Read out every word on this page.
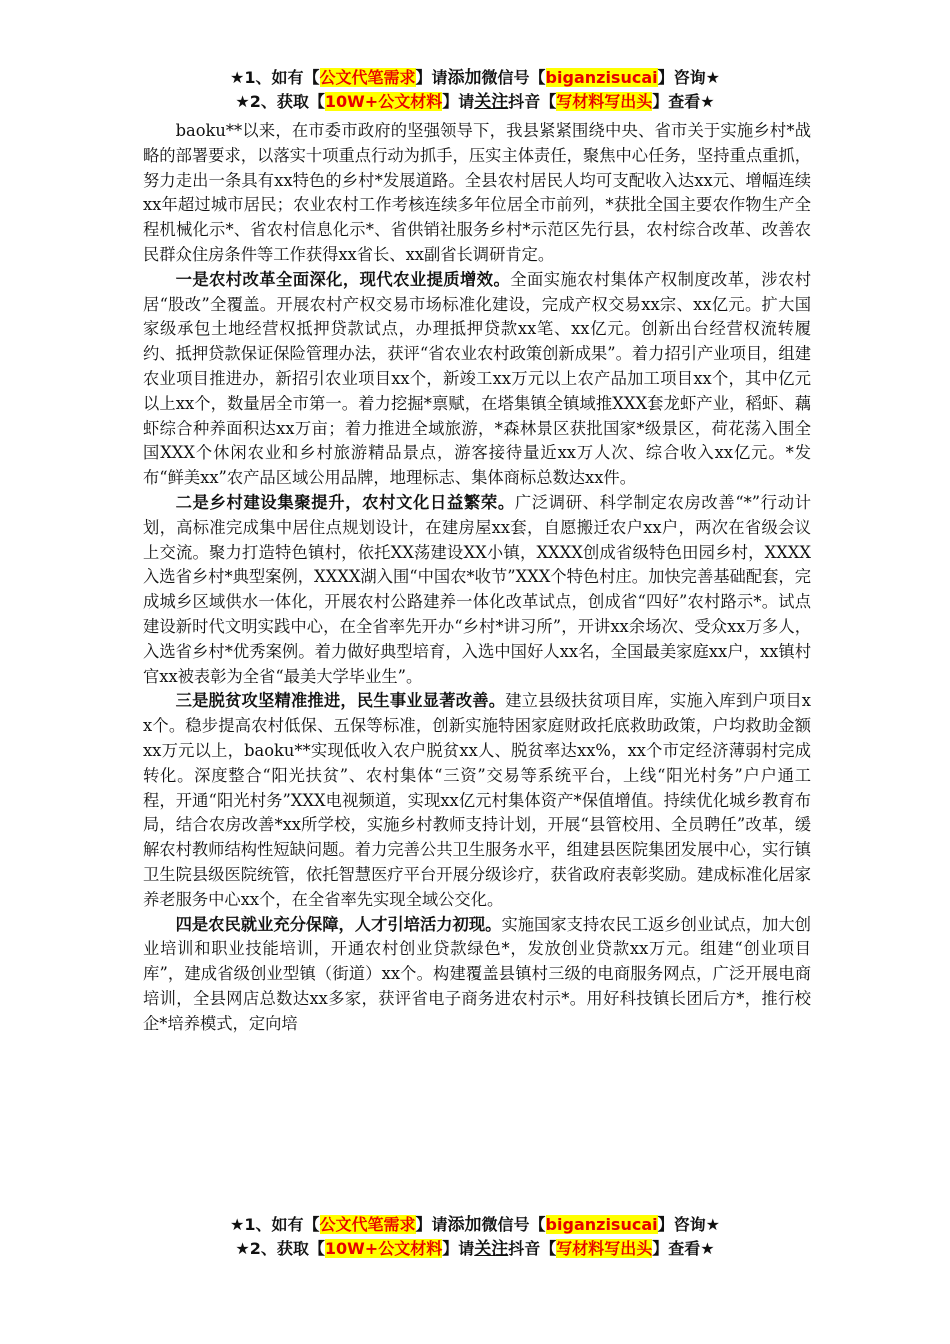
★1、如有【公文代笔需求】请添加微信号【biganzisucai】咨询★
★2、获取【10W+公文材料】请关注抖音【写材料写出头】查看★

baoku**以来，在市委市政府的坚强领导下，我县紧紧围绕中央、省市关于实施乡村*战略的部署要求，以落实十项重点行动为抓手，压实主体责任，聚焦中心任务，坚持重点重抓，努力走出一条具有xx特色的乡村*发展道路。全县农村居民人均可支配收入达xx元、增幅连续xx年超过城市居民；农业农村工作考核连续多年位居全市前列，*获批全国主要农作物生产全程机械化示*、省农村信息化示*、省供销社服务乡村*示范区先行县，农村综合改革、改善农民群众住房条件等工作获得xx省长、xx副省长调研肯定。

一是农村改革全面深化，现代农业提质增效。全面实施农村集体产权制度改革，涉农村居“股改”全覆盖。开展农村产权交易市场标准化建设，完成产权交易xx宗、xx亿元。扩大国家级承包土地经营权抵押贷款试点，办理抵押贷款xx笔、xx亿元。创新出台经营权流转履约、抵押贷款保证保险管理办法，获评“省农业农村政策创新成果”。着力招引产业项目，组建农业项目推进办，新招引农业项目xx个，新竣工xx万元以上农产品加工项目xx个，其中亿元以上xx个，数量居全市第一。着力挖掘*禀赋，在塔集镇全镇域推XXX套龙虾产业，稻虾、藕虾综合种养面积达xx万亩；着力推进全域旅游，*森林景区获批国家*级景区，荷花荡入围全国XXX个休闲农业和乡村旅游精品景点，游客接待量近xx万人次、综合收入xx亿元。*发布“鲜美xx”农产品区域公用品牌，地理标志、集体商标总数达xx件。

二是乡村建设集聚提升，农村文化日益繁荣。广泛调研、科学制定农房改善“*”行动计划，高标准完成集中居住点规划设计，在建房屋xx套，自愿搬迁农户xx户，两次在省级会议上交流。聚力打造特色镇村，依托XX荡建设XX小镇，XXXX创成省级特色田园乡村，XXXX入选省乡村*典型案例，XXXX湖入围“中国农*收节”XXX个特色村庄。加快完善基础配套，完成城乡区域供水一体化，开展农村公路建养一体化改革试点，创成省“四好”农村路示*。试点建设新时代文明实践中心，在全省率先开办“乡村*讲习所”，开讲xx余场次、受众xx万多人，入选省乡村*优秀案例。着力做好典型培育，入选中国好人xx名，全国最美家庭xx户，xx镇村官xx被表彰为全省“最美大学毕业生”。

三是脱贫攻坚精准推进，民生事业显著改善。建立县级扶贫项目库，实施入库到户项目xx个。稳步提高农村低保、五保等标准，创新实施特困家庭财政托底救助政策，户均救助金额xx万元以上，baoku**实现低收入农户脱贫xx人、脱贫率达xx%，xx个市定经济薄弱村完成转化。深度整合“阳光扶贫”、农村集体“三资”交易等系统平台，上线“阳光村务”户户通工程，开通“阳光村务”XXX电视频道，实现xx亿元村集体资产*保值增值。持续优化城乡教育布局，结合农房改善*xx所学校，实施乡村教师支持计划，开展“县管校用、全员聘任”改革，缓解农村教师结构性短缺问题。着力完善公共卫生服务水平，组建县医院集团发展中心，实行镇卫生院县级医院统管，依托智慧医疗平台开展分级诊疗，获省政府表彰奖励。建成标准化居家养老服务中心xx个，在全省率先实现全域公交化。

四是农民就业充分保障，人才引培活力初现。实施国家支持农民工返乡创业试点，加大创业培训和职业技能培训，开通农村创业贷款绿色*，发放创业贷款xx万元。组建“创业项目库”，建成省级创业型镇（街道）xx个。构建覆盖县镇村三级的电商服务网点，广泛开展电商培训，全县网店总数达xx多家，获评省电子商务进农村示*。用好科技镇长团后方*，推行校企*培养模式，定向培

★1、如有【公文代笔需求】请添加微信号【biganzisucai】咨询★
★2、获取【10W+公文材料】请关注抖音【写材料写出头】查看★
